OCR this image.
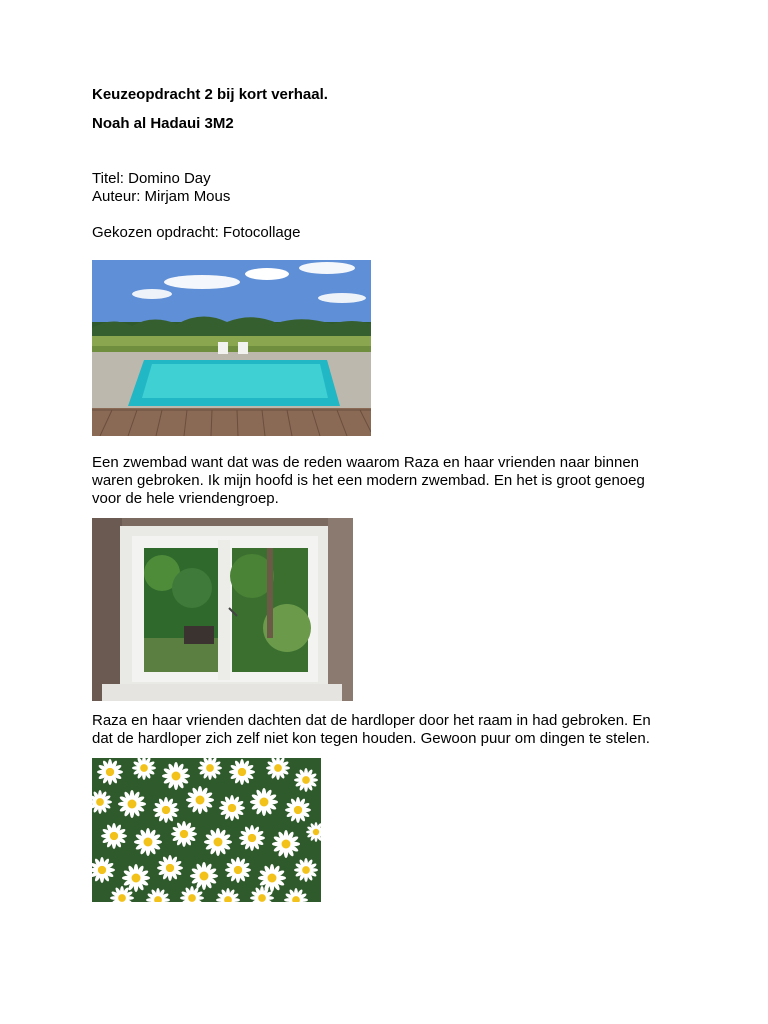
Keuzeopdracht 2 bij kort verhaal.

Noah al Hadaui 3M2

Titel: Domino Day

Auteur: Mirjam Mous

Gekozen opdracht: Fotocollage

Een zwembad want dat was de reden waarom Raza en haar vrienden naar binnen

waren gebroken. Ik mijn hoofd is het een modern zwembad. En het is groot genoeg

voor de hele vriendengroep.

Raza en haar vrienden dachten dat de hardloper door het raam in had gebroken. En

dat de hardloper zich zelf niet kon tegen houden. Gewoon puur om dingen te stelen.
